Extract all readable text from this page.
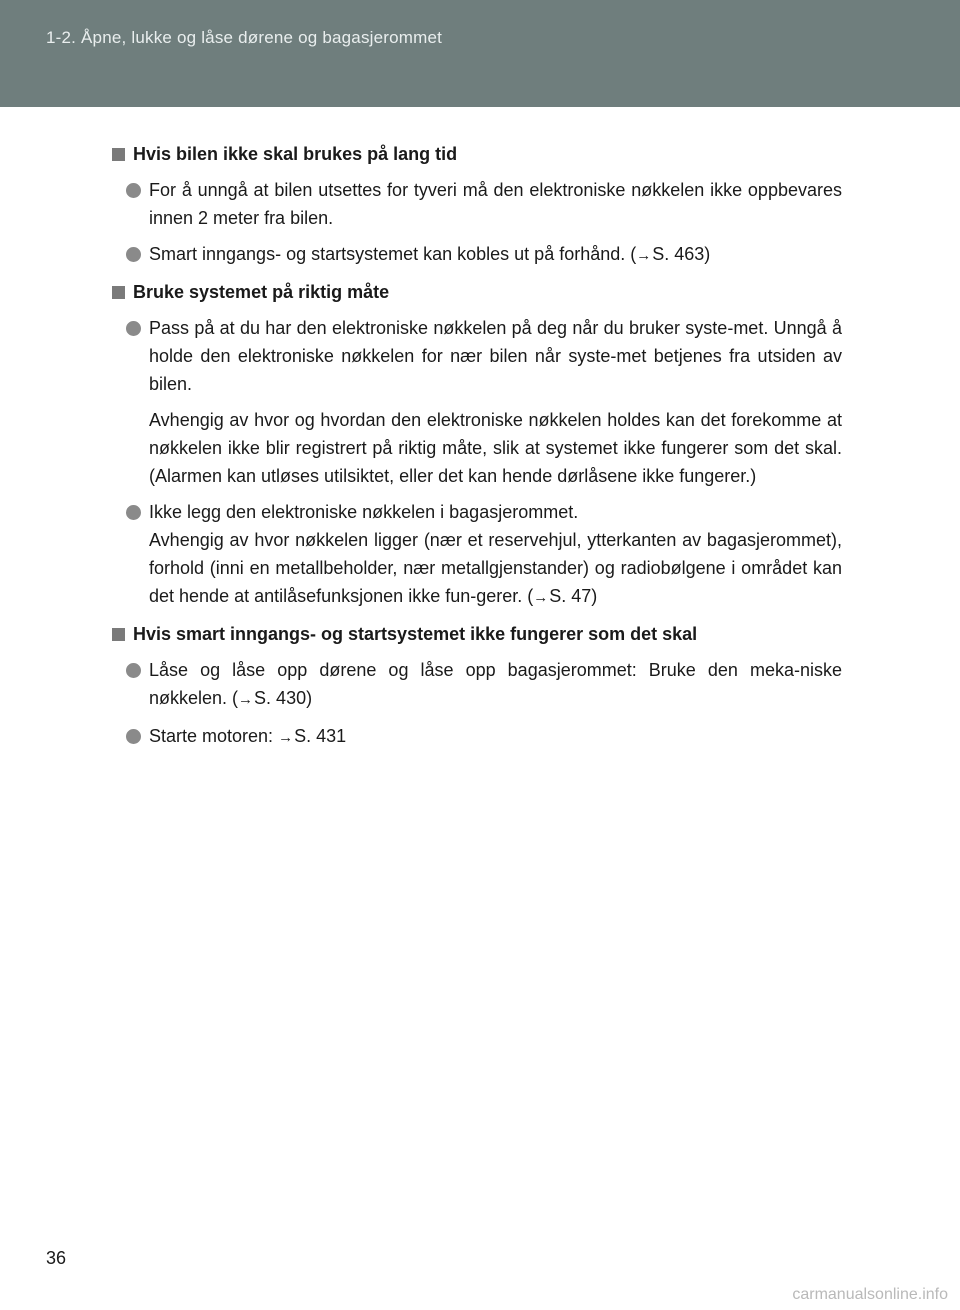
1-2. Åpne, lukke og låse dørene og bagasjerommet
Hvis bilen ikke skal brukes på lang tid
For å unngå at bilen utsettes for tyveri må den elektroniske nøkkelen ikke oppbevares innen 2 meter fra bilen.
Smart inngangs- og startsystemet kan kobles ut på forhånd. (→S. 463)
Bruke systemet på riktig måte
Pass på at du har den elektroniske nøkkelen på deg når du bruker syste-met. Unngå å holde den elektroniske nøkkelen for nær bilen når syste-met betjenes fra utsiden av bilen.
Avhengig av hvor og hvordan den elektroniske nøkkelen holdes kan det forekomme at nøkkelen ikke blir registrert på riktig måte, slik at systemet ikke fungerer som det skal. (Alarmen kan utløses utilsiktet, eller det kan hende dørlåsene ikke fungerer.)
Ikke legg den elektroniske nøkkelen i bagasjerommet.
Avhengig av hvor nøkkelen ligger (nær et reservehjul, ytterkanten av bagasjerommet), forhold (inni en metallbeholder, nær metallgjenstander) og radiobølgene i området kan det hende at antilåsefunksjonen ikke fun-gerer. (→S. 47)
Hvis smart inngangs- og startsystemet ikke fungerer som det skal
Låse og låse opp dørene og låse opp bagasjerommet: Bruke den meka-niske nøkkelen. (→S. 430)
Starte motoren: →S. 431
36
carmanualsonline.info
